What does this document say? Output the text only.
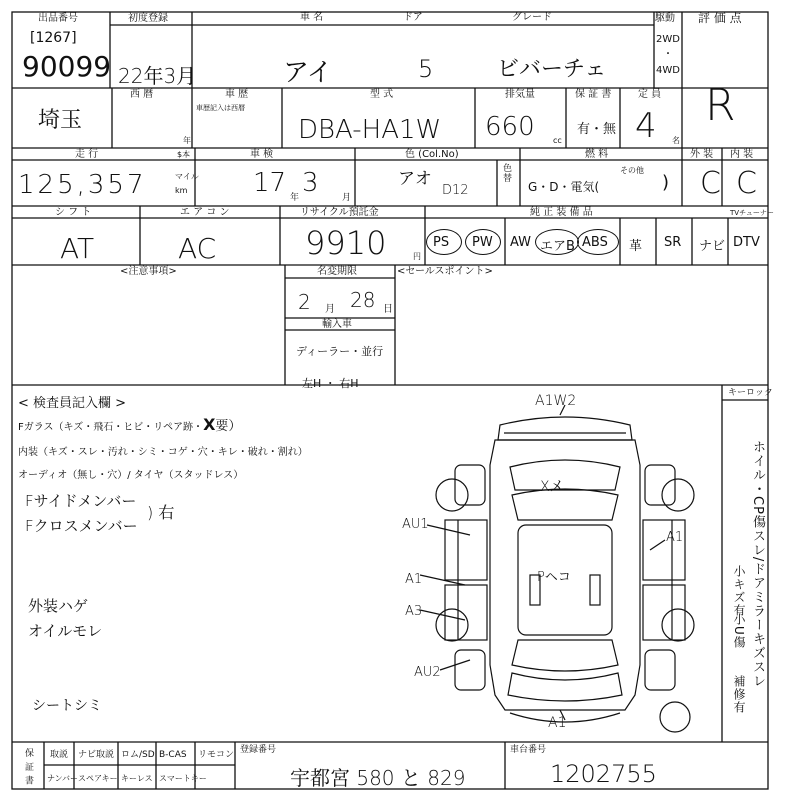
出品番号
[1267]
90099
初度登録
22年3月
車 名
アイ
ドア
5
グレード
ビバーチェ
駆動
2WD
・
4WD
評 価 点
R
埼玉
西 暦
年
車 歴
車歴記入は西暦
型 式
DBA-HA1W
排気量
660 cc
保 証 書
有・無
定 員
4 名
走 行	$本
マイル
km
125,357
車 検
17 年 3	月
色 (Col.No)
アオ
D12
色替
燃 料
その他
G・D・電気(	)
外 装
C
内 装
C
シ フ ト
AT
エ ア コ ン
AC
リサイクル預託金
9910	円
純 正 装 備 品	TVチューナー
PS PW AW エアB ABS 革 SR ナビ DTV
<注意事項>	名変期限
2 月 28 日
輸入車
ディーラー・並行
左H ・ 右H
<セールスポイント>
< 検査員記入欄 >
Fガラス（キズ・飛石・ヒビ・リペア跡・X要）
内装（キズ・スレ・汚れ・シミ・コゲ・穴・キレ・破れ・割れ）
オーディオ（無し・穴）/ タイヤ（スタッドレス）
Fサイドメンバー
Fクロスメンバー
) 右
外装ハゲ
オイルモレ
シートシミ
A1W2
Xメ
AU1
A1
A3
AU2
Pヘコ
A1
A1
キーロック
ホイル・CP傷スレ/ドアミラーキズスレ
小キズ有
小U傷
補修有
保 証 書 取説 ナビ取説 ロム/SD B-CAS リモコン
ナンバー スペアキー キーレス スマートキー
登録番号
宇都宮 580 と 829
車台番号
1202755
